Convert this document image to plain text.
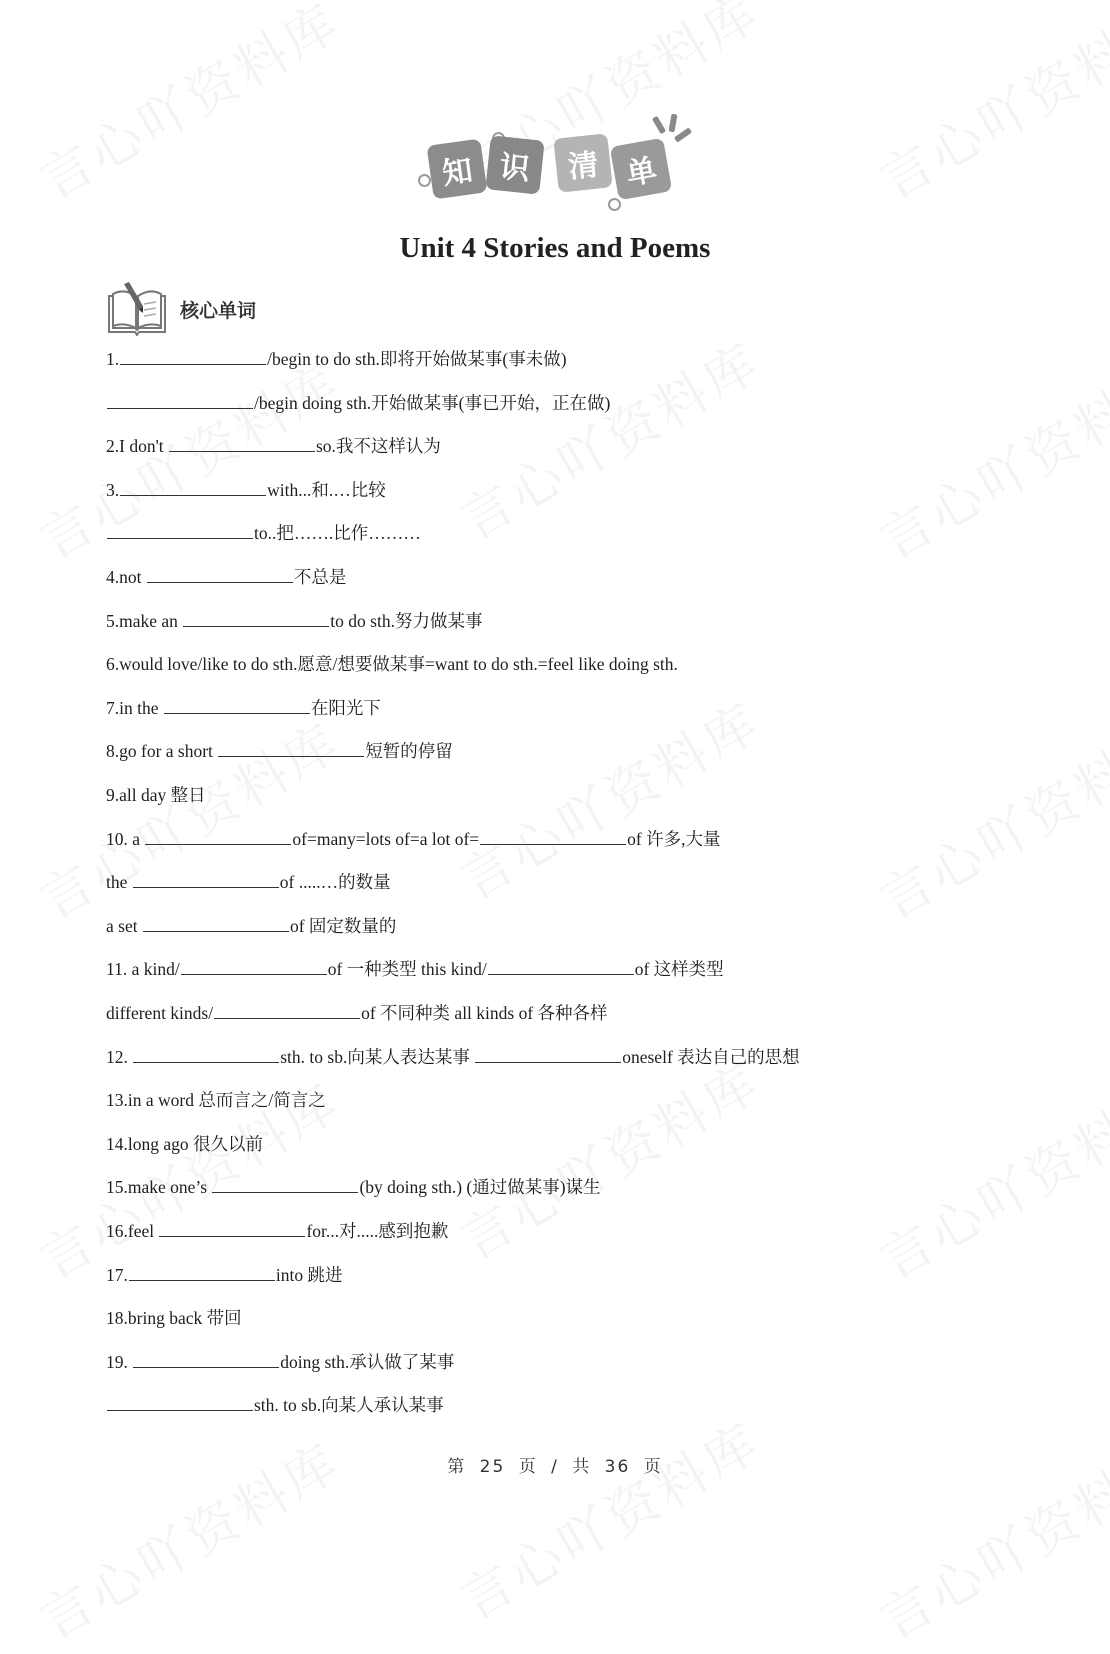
知 识	清 单
Unit 4 Stories and Poems
核心单词
1.	/begin to do sth.即将开始做某事(事未做)
/begin doing sth.开始做某事(事已开始，正在做)
2.I don't	so.我不这样认为
3.	with...和.…比较
to..把…….比作………
4.not	不总是
5.make an	to do sth.努力做某事
6.would love/like to do sth.愿意/想要做某事=want to do sth.=feel like doing sth.
7.in the	在阳光下
8.go for a short	短暂的停留
9.all day 整日
10. a	of=many=lots of=a lot of=	of 许多,大量
the	of .....…的数量
a set	of 固定数量的
11. a kind/	of 一种类型 this kind/	of 这样类型
different kinds/	of 不同种类 all kinds of 各种各样
12.	sth. to sb.向某人表达某事	oneself 表达自己的思想
13.in a word 总而言之/简言之
14.long ago 很久以前
15.make one’s	(by doing sth.) (通过做某事)谋生
16.feel	for...对.....感到抱歉
17.	into 跳进
18.bring back 带回
19.	doing sth.承认做了某事
sth. to sb.向某人承认某事
第 25 页 / 共 36 页
